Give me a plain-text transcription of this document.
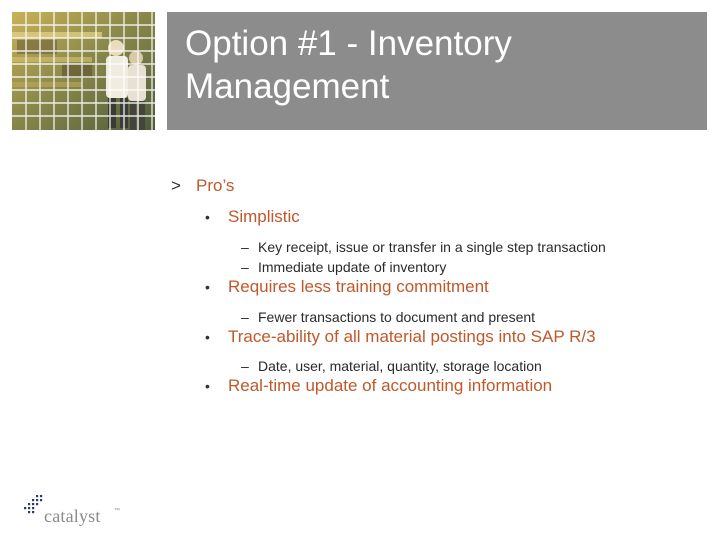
Option #1 - Inventory Management
> Pro’s
• Simplistic
– Key receipt, issue or transfer in a single step transaction
– Immediate update of inventory
• Requires less training commitment
– Fewer transactions to document and present
• Trace-ability of all material postings into SAP R/3
– Date, user, material, quantity, storage location
• Real-time update of accounting information
catalyst ™
